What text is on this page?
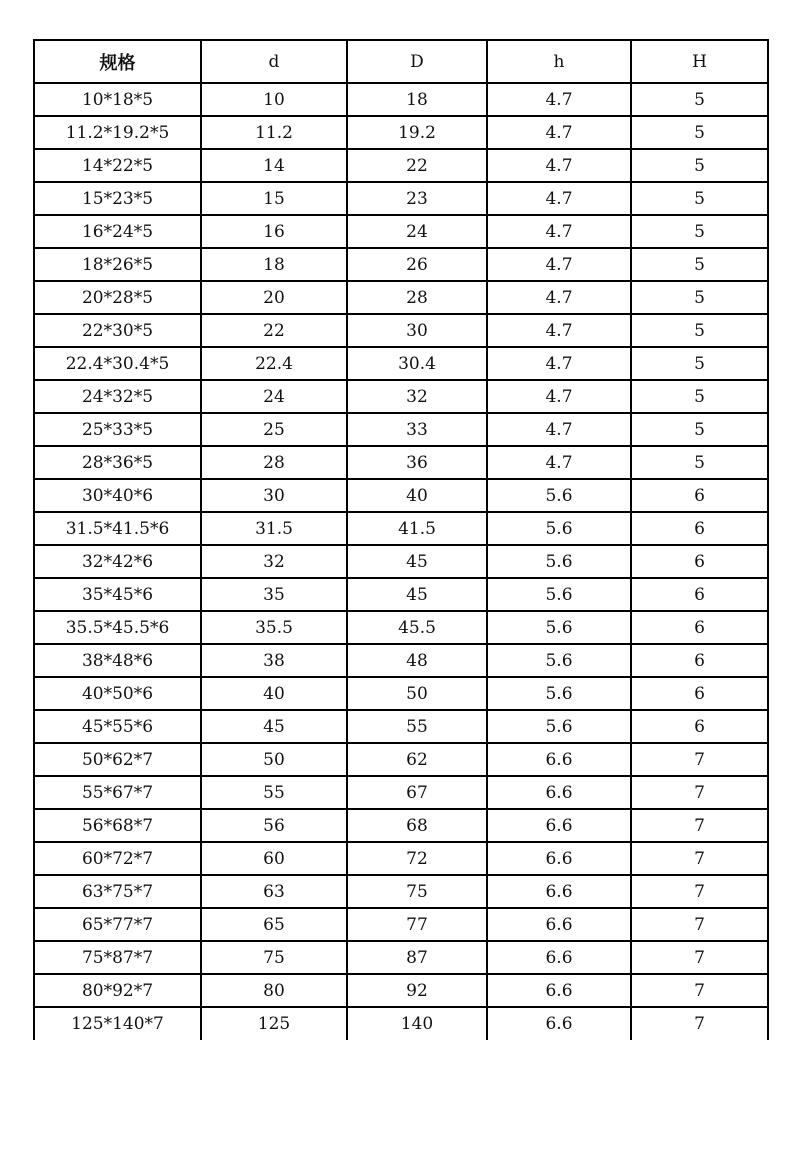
规格	d	D	h	H
10*18*5	10	18	4.7	5
11.2*19.2*5	11.2	19.2	4.7	5
14*22*5	14	22	4.7	5
15*23*5	15	23	4.7	5
16*24*5	16	24	4.7	5
18*26*5	18	26	4.7	5
20*28*5	20	28	4.7	5
22*30*5	22	30	4.7	5
22.4*30.4*5	22.4	30.4	4.7	5
24*32*5	24	32	4.7	5
25*33*5	25	33	4.7	5
28*36*5	28	36	4.7	5
30*40*6	30	40	5.6	6
31.5*41.5*6	31.5	41.5	5.6	6
32*42*6	32	45	5.6	6
35*45*6	35	45	5.6	6
35.5*45.5*6	35.5	45.5	5.6	6
38*48*6	38	48	5.6	6
40*50*6	40	50	5.6	6
45*55*6	45	55	5.6	6
50*62*7	50	62	6.6	7
55*67*7	55	67	6.6	7
56*68*7	56	68	6.6	7
60*72*7	60	72	6.6	7
63*75*7	63	75	6.6	7
65*77*7	65	77	6.6	7
75*87*7	75	87	6.6	7
80*92*7	80	92	6.6	7
125*140*7	125	140	6.6	7
